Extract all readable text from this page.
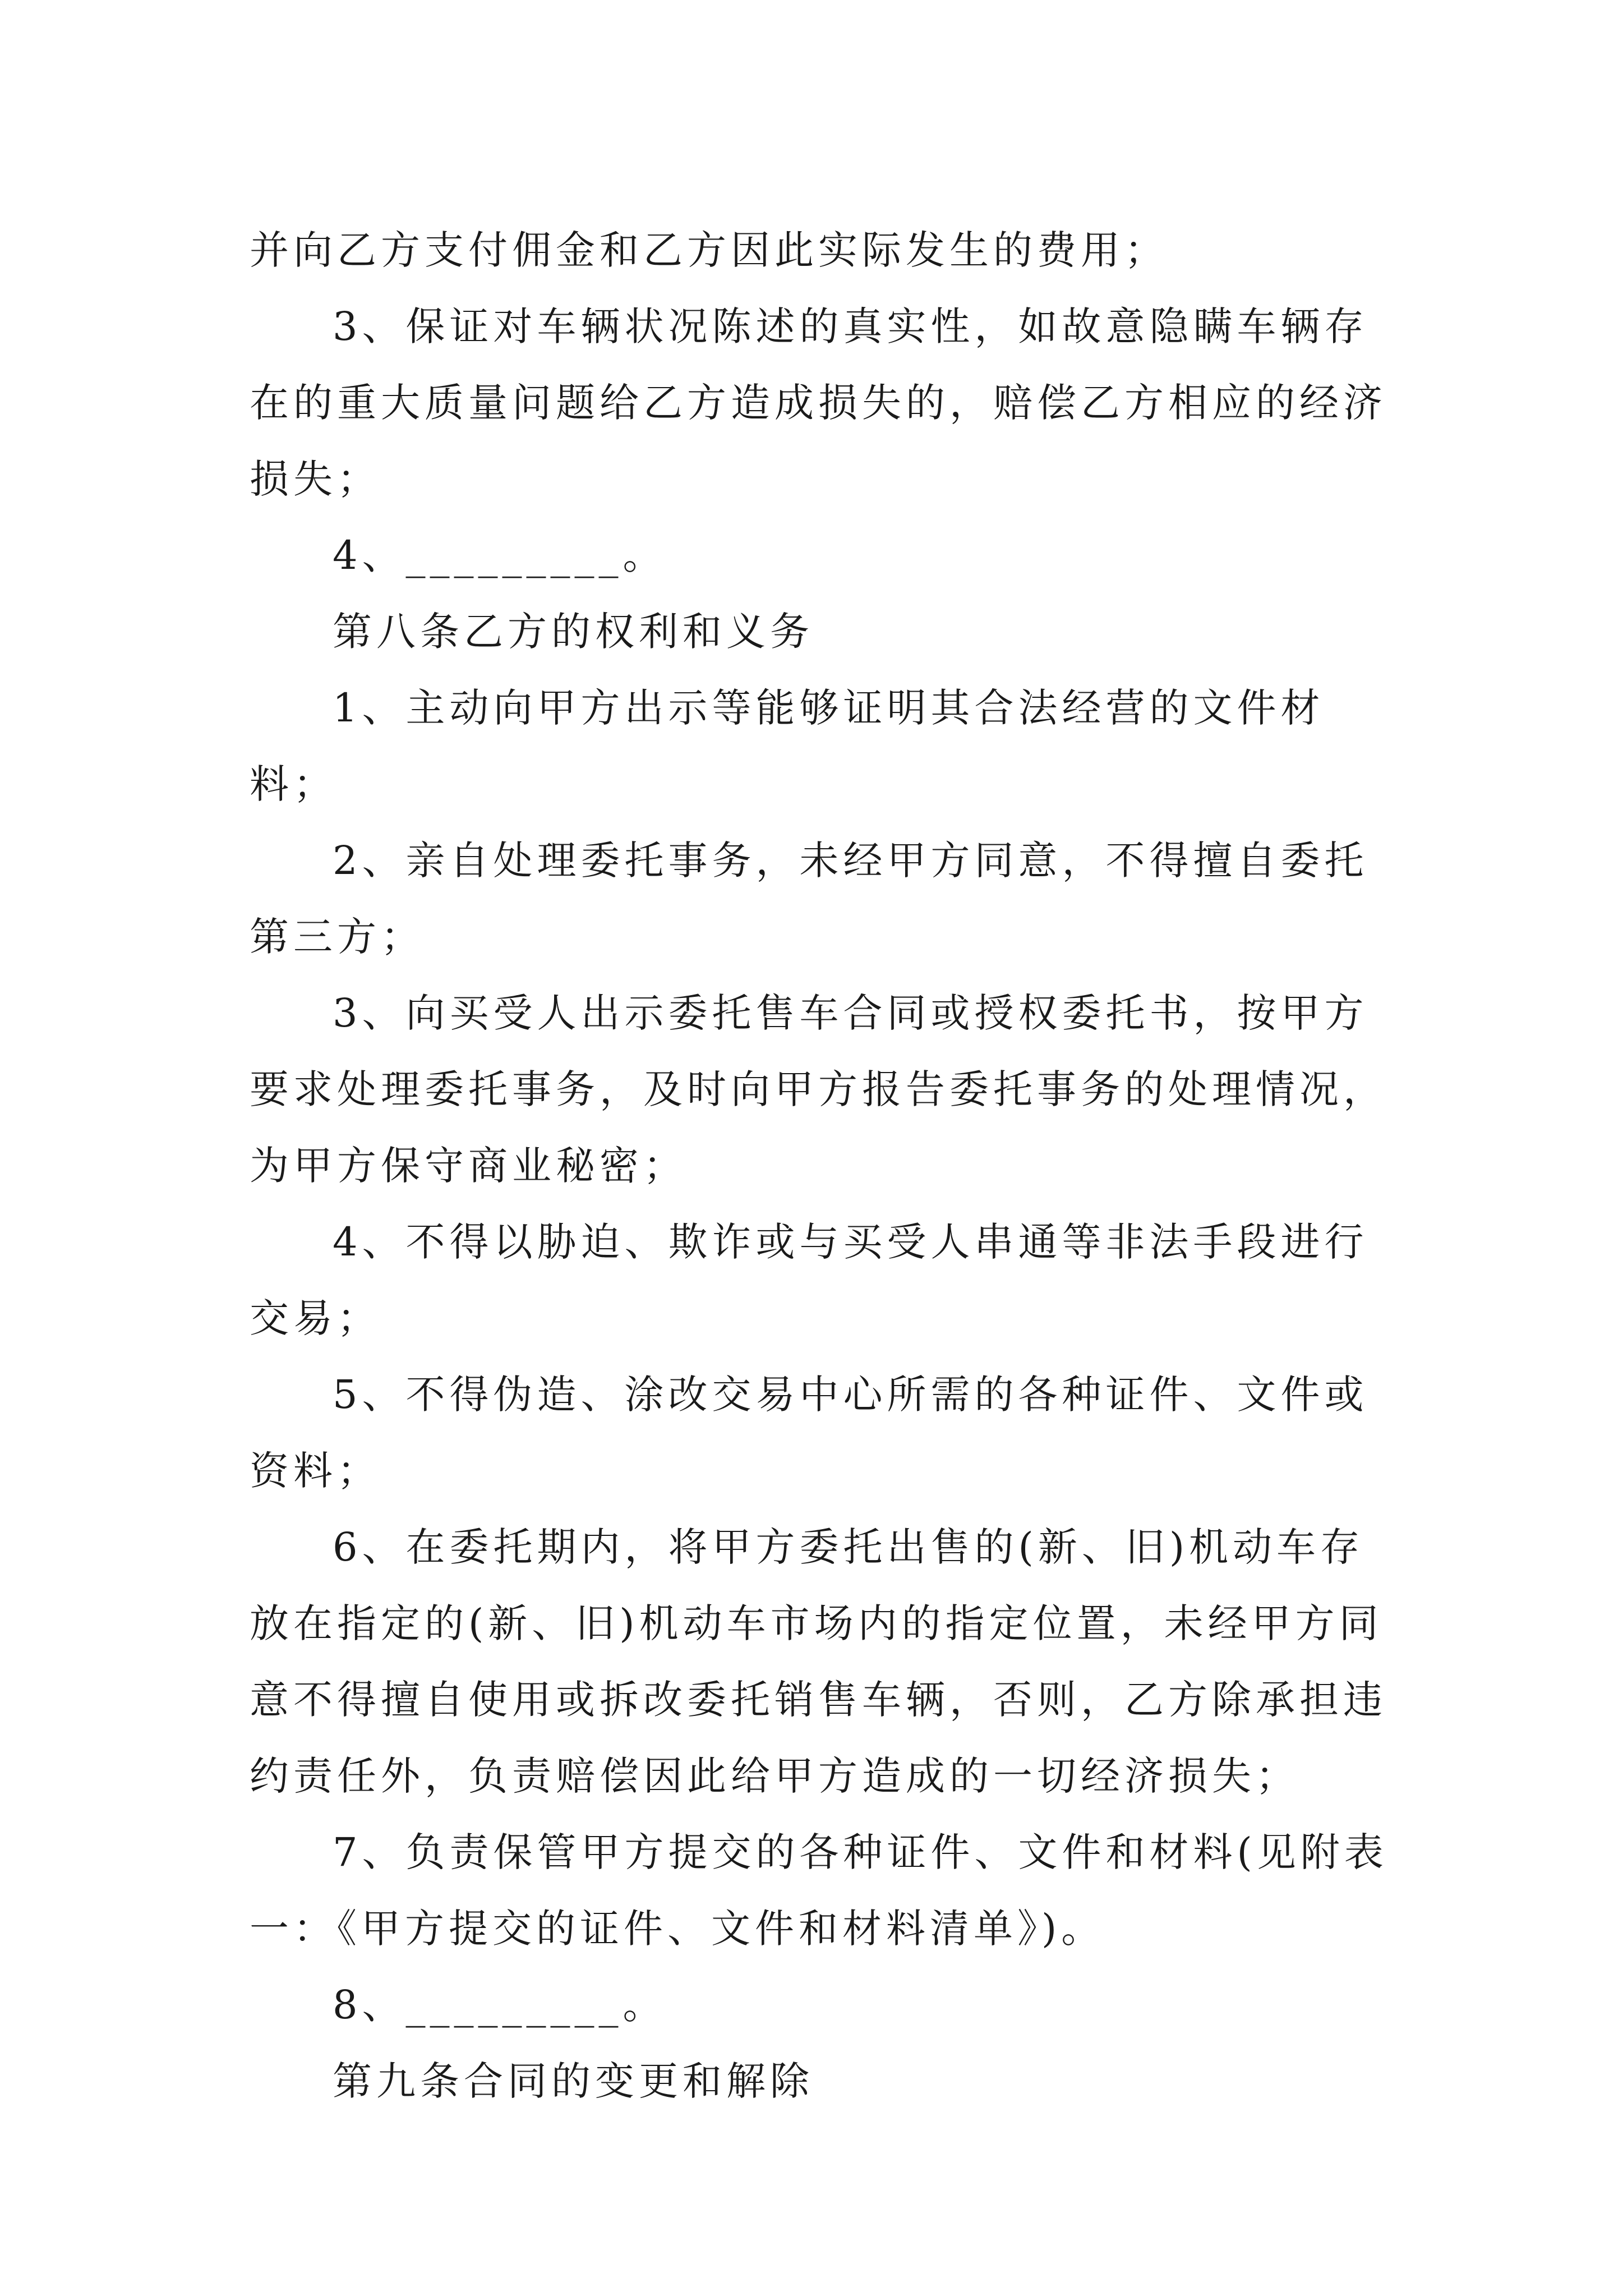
并向乙方支付佣金和乙方因此实际发生的费用；

3、保证对车辆状况陈述的真实性，如故意隐瞒车辆存在的重大质量问题给乙方造成损失的，赔偿乙方相应的经济损失；

4、_________。

第八条乙方的权利和义务

1、主动向甲方出示等能够证明其合法经营的文件材料；

2、亲自处理委托事务，未经甲方同意，不得擅自委托第三方；

3、向买受人出示委托售车合同或授权委托书，按甲方要求处理委托事务，及时向甲方报告委托事务的处理情况，为甲方保守商业秘密；

4、不得以胁迫、欺诈或与买受人串通等非法手段进行交易；

5、不得伪造、涂改交易中心所需的各种证件、文件或资料；

6、在委托期内，将甲方委托出售的(新、旧)机动车存放在指定的(新、旧)机动车市场内的指定位置，未经甲方同意不得擅自使用或拆改委托销售车辆，否则，乙方除承担违约责任外，负责赔偿因此给甲方造成的一切经济损失；

7、负责保管甲方提交的各种证件、文件和材料(见附表一：《甲方提交的证件、文件和材料清单》)。

8、_________。

第九条合同的变更和解除
